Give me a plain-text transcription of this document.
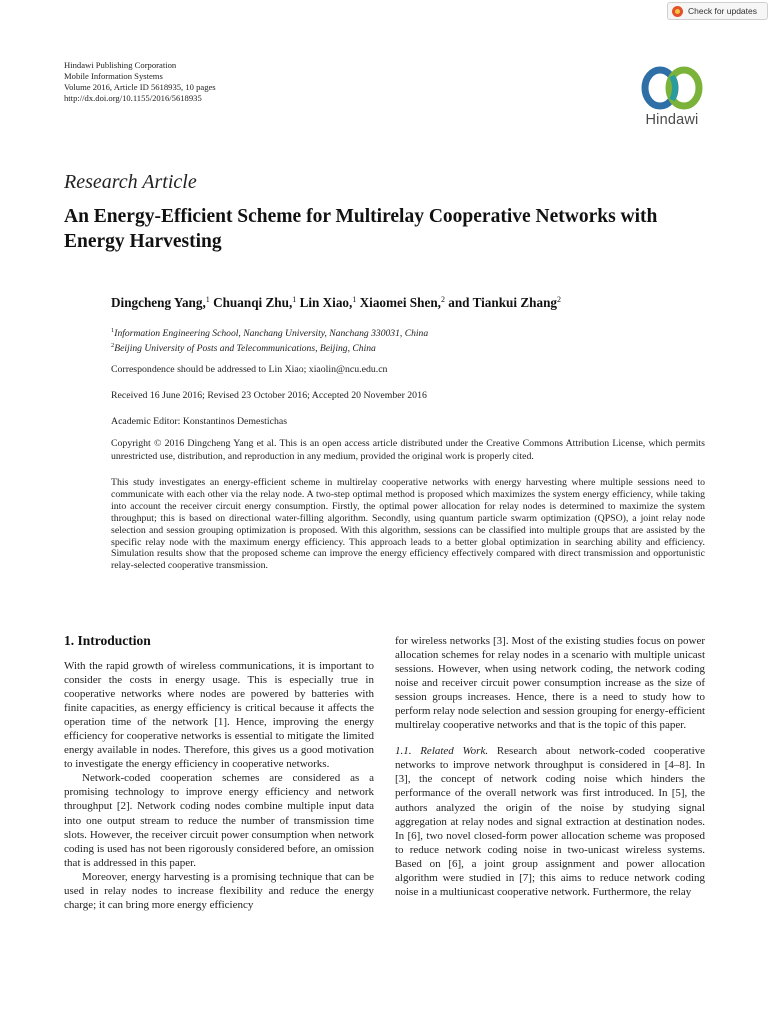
Check for updates
Hindawi Publishing Corporation
Mobile Information Systems
Volume 2016, Article ID 5618935, 10 pages
http://dx.doi.org/10.1155/2016/5618935
Hindawi
Research Article
An Energy-Efficient Scheme for Multirelay Cooperative Networks with Energy Harvesting
Dingcheng Yang,$^1$ Chuanqi Zhu,$^1$ Lin Xiao,$^1$ Xiaomei Shen,$^2$ and Tiankui Zhang$^2$
$^1$Information Engineering School, Nanchang University, Nanchang 330031, China
$^2$Beijing University of Posts and Telecommunications, Beijing, China
Correspondence should be addressed to Lin Xiao; xiaolin@ncu.edu.cn
Received 16 June 2016; Revised 23 October 2016; Accepted 20 November 2016
Academic Editor: Konstantinos Demestichas
Copyright © 2016 Dingcheng Yang et al. This is an open access article distributed under the Creative Commons Attribution License, which permits unrestricted use, distribution, and reproduction in any medium, provided the original work is properly cited.
This study investigates an energy-efficient scheme in multirelay cooperative networks with energy harvesting where multiple sessions need to communicate with each other via the relay node. A two-step optimal method is proposed which maximizes the system energy efficiency, while taking into account the receiver circuit energy consumption. Firstly, the optimal power allocation for relay nodes is determined to maximize the system throughput; this is based on directional water-filling algorithm. Secondly, using quantum particle swarm optimization (QPSO), a joint relay node selection and session grouping optimization is proposed. With this algorithm, sessions can be classified into multiple groups that are assisted by the specific relay node with the maximum energy efficiency. This approach leads to a better global optimization in searching ability and efficiency. Simulation results show that the proposed scheme can improve the energy efficiency effectively compared with direct transmission and opportunistic relay-selected cooperative transmission.
1. Introduction

With the rapid growth of wireless communications, it is important to consider the costs in energy usage. This is especially true in cooperative networks where nodes are powered by batteries with finite capacities, as energy efficiency is critical because it affects the operation time of the network [1]. Hence, improving the energy efficiency for cooperative networks is essential to mitigate the limited energy available in nodes. Therefore, this gives us a good motivation to investigate the energy efficiency in cooperative networks.

Network-coded cooperation schemes are considered as a promising technology to improve energy efficiency and network throughput [2]. Network coding nodes combine multiple input data into one output stream to reduce the number of transmission time slots. However, the receiver circuit power consumption when network coding is used has not been rigorously considered before, an omission that is addressed in this paper.

Moreover, energy harvesting is a promising technique that can be used in relay nodes to increase flexibility and reduce the energy charge; it can bring more energy efficiency

for wireless networks [3]. Most of the existing studies focus on power allocation schemes for relay nodes in a scenario with multiple unicast sessions. However, when using network coding, the network coding noise and receiver circuit power consumption increase as the size of session groups increases. Hence, there is a need to study how to perform relay node selection and session grouping for energy-efficient multirelay cooperative networks and that is the topic of this paper.

1.1. Related Work. Research about network-coded cooperative networks to improve network throughput is considered in [4–8]. In [3], the concept of network coding noise which hinders the performance of the overall network was first introduced. In [5], the authors analyzed the origin of the noise by studying signal aggregation at relay nodes and signal extraction at destination nodes. In [6], two novel closed-form power allocation scheme was proposed to reduce network coding noise in two-unicast wireless systems. Based on [6], a joint group assignment and power allocation algorithm were studied in [7]; this aims to reduce network coding noise in a multiunicast cooperative network. Furthermore, the relay
